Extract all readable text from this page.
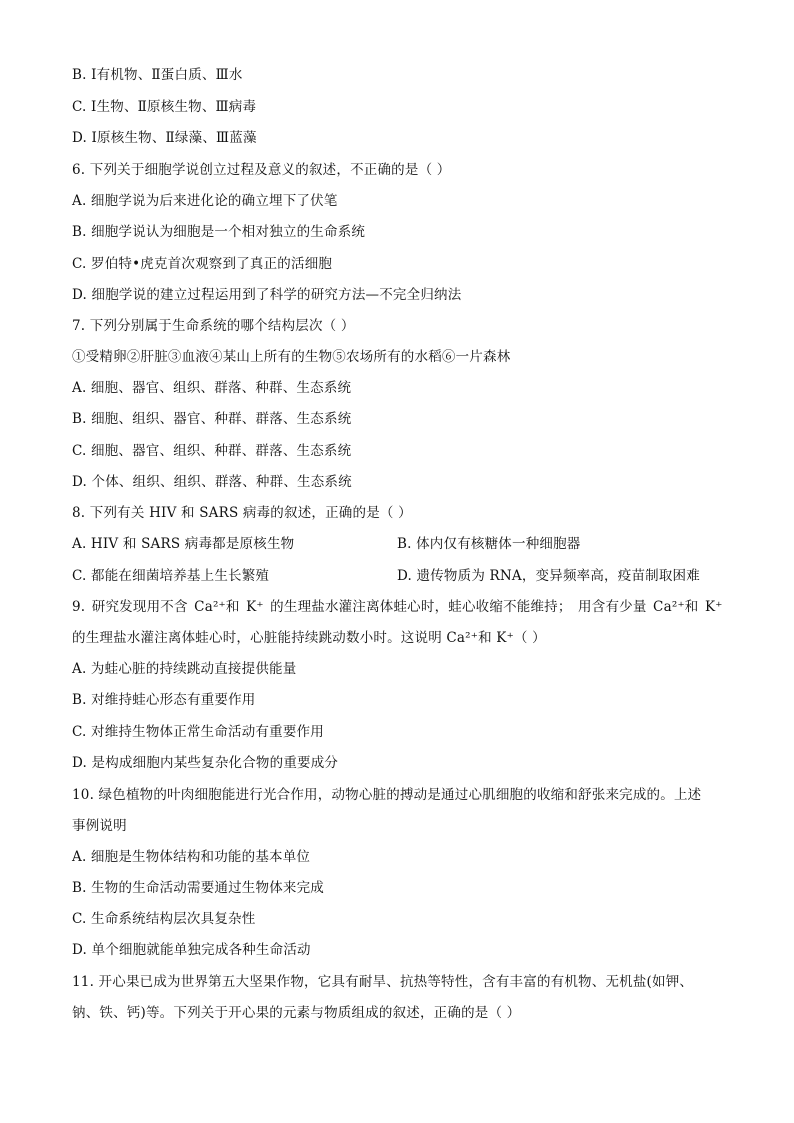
B. Ⅰ有机物、Ⅱ蛋白质、Ⅲ水
C. Ⅰ生物、Ⅱ原核生物、Ⅲ病毒
D. Ⅰ原核生物、Ⅱ绿藻、Ⅲ蓝藻
6. 下列关于细胞学说创立过程及意义的叙述，不正确的是（ ）
A. 细胞学说为后来进化论的确立埋下了伏笔
B. 细胞学说认为细胞是一个相对独立的生命系统
C. 罗伯特•虎克首次观察到了真正的活细胞
D. 细胞学说的建立过程运用到了科学的研究方法—不完全归纳法
7. 下列分别属于生命系统的哪个结构层次（ ）
①受精卵②肝脏③血液④某山上所有的生物⑤农场所有的水稻⑥一片森林
A. 细胞、器官、组织、群落、种群、生态系统
B. 细胞、组织、器官、种群、群落、生态系统
C. 细胞、器官、组织、种群、群落、生态系统
D. 个体、组织、组织、群落、种群、生态系统
8. 下列有关 HIV 和 SARS 病毒的叙述，正确的是（ ）
A. HIV 和 SARS 病毒都是原核生物	B. 体内仅有核糖体一种细胞器
C. 都能在细菌培养基上生长繁殖	D. 遗传物质为 RNA，变异频率高，疫苗制取困难
9. 研究发现用不含 Ca²⁺和 K⁺ 的生理盐水灌注离体蛙心时，蛙心收缩不能维持； 用含有少量 Ca²⁺和 K⁺
的生理盐水灌注离体蛙心时，心脏能持续跳动数小时。这说明 Ca²⁺和 K⁺（ ）
A. 为蛙心脏的持续跳动直接提供能量
B. 对维持蛙心形态有重要作用
C. 对维持生物体正常生命活动有重要作用
D. 是构成细胞内某些复杂化合物的重要成分
10. 绿色植物的叶肉细胞能进行光合作用，动物心脏的搏动是通过心肌细胞的收缩和舒张来完成的。上述
事例说明
A. 细胞是生物体结构和功能的基本单位
B. 生物的生命活动需要通过生物体来完成
C. 生命系统结构层次具复杂性
D. 单个细胞就能单独完成各种生命活动
11. 开心果已成为世界第五大坚果作物，它具有耐旱、抗热等特性，含有丰富的有机物、无机盐(如钾、
钠、铁、钙)等。下列关于开心果的元素与物质组成的叙述，正确的是（ ）
